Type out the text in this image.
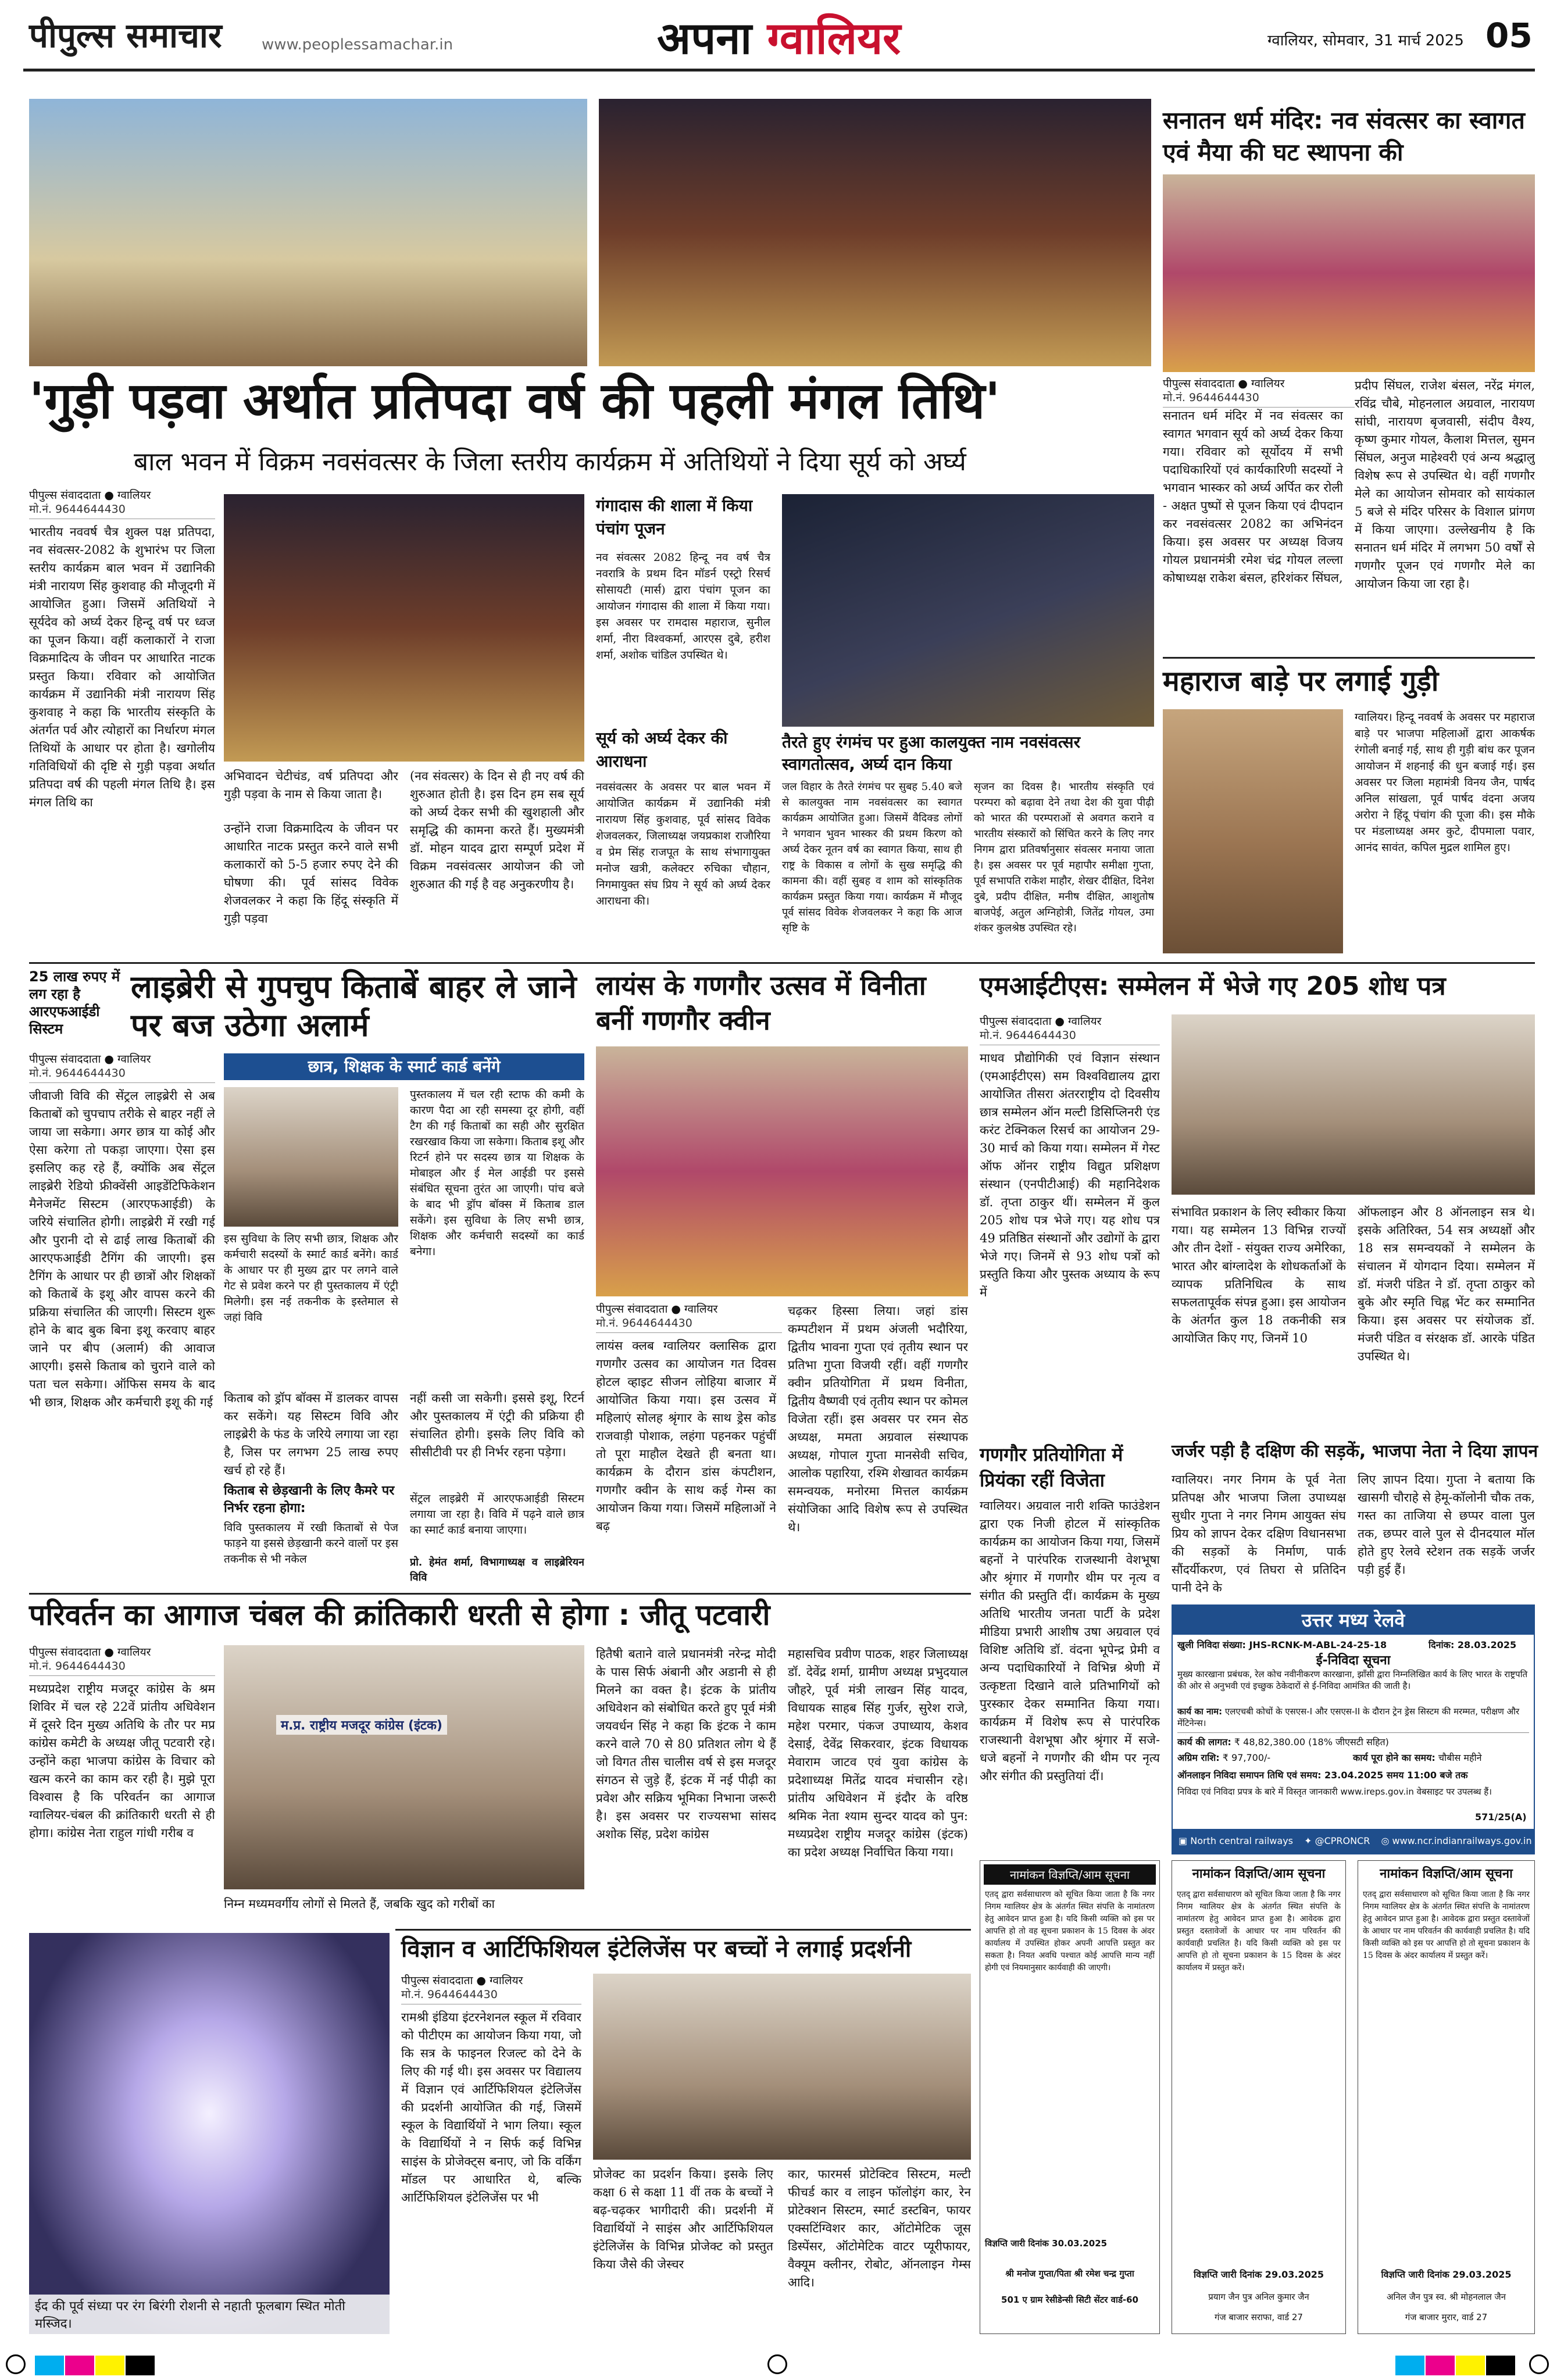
पीपुल्स समाचार	www.peoplessamachar.in	अपना ग्वालियर	ग्वालियर, सोमवार, 31 मार्च 2025 05
सनातन धर्म मंदिर: नव संवत्सर का स्वागत एवं मैया की घट स्थापना की
पीपुल्स संवाददाता ● ग्वालियर
मो.नं. 9644644430
सनातन धर्म मंदिर में नव संवत्सर का स्वागत भगवान सूर्य को अर्घ्य देकर किया गया। रविवार को सूर्योदय में सभी पदाधिकारियों एवं कार्यकारिणी सदस्यों ने भगवान भास्कर को अर्घ्य अर्पित कर रोली - अक्षत पुष्पों से पूजन किया एवं दीपदान कर नवसंवत्सर 2082 का अभिनंदन किया। इस अवसर पर अध्यक्ष विजय गोयल प्रधानमंत्री रमेश चंद्र गोयल लल्ला कोषाध्यक्ष राकेश बंसल, हरिशंकर सिंघल,
प्रदीप सिंघल, राजेश बंसल, नरेंद्र मंगल, रविंद्र चौबे, मोहनलाल अग्रवाल, नारायण सांघी, नारायण बृजवासी, संदीप वैश्य, कृष्ण कुमार गोयल, कैलाश मित्तल, सुमन सिंघल, अनुज माहेश्वरी एवं अन्य श्रद्धालु विशेष रूप से उपस्थित थे। वहीं गणगौर मेले का आयोजन सोमवार को सायंकाल 5 बजे से मंदिर परिसर के विशाल प्रांगण में किया जाएगा। उल्लेखनीय है कि सनातन धर्म मंदिर में लगभग 50 वर्षों से गणगौर पूजन एवं गणगौर मेले का आयोजन किया जा रहा है।
'गुड़ी पड़वा अर्थात प्रतिपदा वर्ष की पहली मंगल तिथि'
बाल भवन में विक्रम नवसंवत्सर के जिला स्तरीय कार्यक्रम में अतिथियों ने दिया सूर्य को अर्घ्य
पीपुल्स संवाददाता ● ग्वालियर
मो.नं. 9644644430
भारतीय नववर्ष चैत्र शुक्ल पक्ष प्रतिपदा, नव संवत्सर-2082 के शुभारंभ पर जिला स्तरीय कार्यक्रम बाल भवन में उद्यानिकी मंत्री नारायण सिंह कुशवाह की मौजूदगी में आयोजित हुआ। जिसमें अतिथियों ने सूर्यदेव को अर्घ्य देकर हिन्दू वर्ष पर ध्वज का पूजन किया। वहीं कलाकारों ने राजा विक्रमादित्य के जीवन पर आधारित नाटक प्रस्तुत किया। रविवार को आयोजित कार्यक्रम में उद्यानिकी मंत्री नारायण सिंह कुशवाह ने कहा कि भारतीय संस्कृति के अंतर्गत पर्व और त्योहारों का निर्धारण मंगल तिथियों के आधार पर होता है। खगोलीय गतिविधियों की दृष्टि से गुड़ी पड़वा अर्थात प्रतिपदा वर्ष की पहली मंगल तिथि है। इस मंगल तिथि का
अभिवादन चेटीचंड, वर्ष प्रतिपदा और गुड़ी पड़वा के नाम से किया जाता है।
उन्होंने राजा विक्रमादित्य के जीवन पर आधारित नाटक प्रस्तुत करने वाले सभी कलाकारों को 5-5 हजार रुपए देने की घोषणा की। पूर्व सांसद विवेक शेजवलकर ने कहा कि हिंदू संस्कृति में गुड़ी पड़वा
(नव संवत्सर) के दिन से ही नए वर्ष की शुरुआत होती है। इस दिन हम सब सूर्य को अर्घ्य देकर सभी की खुशहाली और समृद्धि की कामना करते हैं। मुख्यमंत्री डॉ. मोहन यादव द्वारा सम्पूर्ण प्रदेश में विक्रम नवसंवत्सर आयोजन की जो शुरुआत की गई है वह अनुकरणीय है।
गंगादास की शाला में किया पंचांग पूजन
नव संवत्सर 2082 हिन्दू नव वर्ष चैत्र नवरात्रि के प्रथम दिन मॉडर्न एस्ट्रो रिसर्च सोसायटी (मार्स) द्वारा पंचांग पूजन का आयोजन गंगादास की शाला में किया गया। इस अवसर पर रामदास महाराज, सुनील शर्मा, नीरा विश्वकर्मा, आरएस दुबे, हरीश शर्मा, अशोक चांडिल उपस्थित थे।
सूर्य को अर्घ्य देकर की आराधना
नवसंवत्सर के अवसर पर बाल भवन में आयोजित कार्यक्रम में उद्यानिकी मंत्री नारायण सिंह कुशवाह, पूर्व सांसद विवेक शेजवलकर, जिलाध्यक्ष जयप्रकाश राजौरिया व प्रेम सिंह राजपूत के साथ संभागायुक्त मनोज खत्री, कलेक्टर रुचिका चौहान, निगमायुक्त संघ प्रिय ने सूर्य को अर्घ्य देकर आराधना की।
तैरते हुए रंगमंच पर हुआ कालयुक्त नाम नवसंवत्सर स्वागतोत्सव, अर्घ्य दान किया
जल विहार के तैरते रंगमंच पर सुबह 5.40 बजे से कालयुक्त नाम नवसंवत्सर का स्वागत कार्यक्रम आयोजित हुआ। जिसमें वैदिक्ड लोगों ने भगवान भुवन भास्कर की प्रथम किरण को अर्घ्य देकर नूतन वर्ष का स्वागत किया, साथ ही राष्ट्र के विकास व लोगों के सुख समृद्धि की कामना की। वहीं सुबह व शाम को सांस्कृतिक कार्यक्रम प्रस्तुत किया गया। कार्यक्रम में मौजूद पूर्व सांसद विवेक शेजवलकर ने कहा कि आज सृष्टि के
सृजन का दिवस है। भारतीय संस्कृति एवं परम्परा को बढ़ावा देने तथा देश की युवा पीढ़ी को भारत की परम्पराओं से अवगत कराने व भारतीय संस्कारों को सिंचित करने के लिए नगर निगम द्वारा प्रतिवर्षानुसार संवत्सर मनाया जाता है। इस अवसर पर पूर्व महापौर समीक्षा गुप्ता, पूर्व सभापति राकेश माहौर, शेखर दीक्षित, दिनेश दुबे, प्रदीप दीक्षित, मनीष दीक्षित, आशुतोष बाजपेई, अतुल अग्निहोत्री, जितेंद्र गोयल, उमा शंकर कुलश्रेष्ठ उपस्थित रहे।
महाराज बाड़े पर लगाई गुड़ी
ग्वालियर। हिन्दू नववर्ष के अवसर पर महाराज बाड़े पर भाजपा महिलाओं द्वारा आकर्षक रंगोली बनाई गई, साथ ही गुड़ी बांध कर पूजन आयोजन में शहनाई की धुन बजाई गई। इस अवसर पर जिला महामंत्री विनय जैन, पार्षद अनिल सांखला, पूर्व पार्षद वंदना अजय अरोरा ने हिंदू पंचांग की पूजा की। इस मौके पर मंडलाध्यक्ष अमर कुटे, दीपमाला पवार, आनंद सावंत, कपिल मुद्रल शामिल हुए।
25 लाख रुपए में लग रहा है आरएफआईडी सिस्टम
लाइब्रेरी से गुपचुप किताबें बाहर ले जाने पर बज उठेगा अलार्म
पीपुल्स संवाददाता ● ग्वालियर
मो.नं. 9644644430	छात्र, शिक्षक के स्मार्ट कार्ड बनेंगे
जीवाजी विवि की सेंट्रल लाइब्रेरी से अब किताबों को चुपचाप तरीके से बाहर नहीं ले जाया जा सकेगा। अगर छात्र या कोई और ऐसा करेगा तो पकड़ा जाएगा। ऐसा इस इसलिए कह रहे हैं, क्योंकि अब सेंट्रल लाइब्रेरी रेडियो फ्रीक्वेंसी आइडेंटिफिकेशन मैनेजमेंट सिस्टम (आरएफआईडी) के जरिये संचालित होगी। लाइब्रेरी में रखी गई और पुरानी दो से ढाई लाख किताबों की आरएफआईडी टैगिंग की जाएगी। इस टैगिंग के आधार पर ही छात्रों और शिक्षकों को किताबें के इशू और वापस करने की प्रक्रिया संचालित की जाएगी। सिस्टम शुरू होने के बाद बुक बिना इशू करवाए बाहर जाने पर बीप (अलार्म) की आवाज आएगी। इससे किताब को चुराने वाले को पता चल सकेगा। ऑफिस समय के बाद भी छात्र, शिक्षक और कर्मचारी इशू की गई
इस सुविधा के लिए सभी छात्र, शिक्षक और कर्मचारी सदस्यों के स्मार्ट कार्ड बनेंगे। कार्ड के आधार पर ही मुख्य द्वार पर लगने वाले गेट से प्रवेश करने पर ही पुस्तकालय में एंट्री मिलेगी। इस नई तकनीक के इस्तेमाल से जहां विवि
पुस्तकालय में चल रही स्टाफ की कमी के कारण पैदा आ रही समस्या दूर होगी, वहीं टैग की गई किताबों का सही और सुरक्षित रखरखाव किया जा सकेगा। किताब इशू और रिटर्न होने पर सदस्य छात्र या शिक्षक के मोबाइल और ई मेल आईडी पर इससे संबंधित सूचना तुरंत आ जाएगी। पांच बजे के बाद भी ड्रॉप बॉक्स में किताब डाल सकेंगे। इस सुविधा के लिए सभी छात्र, शिक्षक और कर्मचारी सदस्यों का कार्ड बनेगा।
किताब को ड्रॉप बॉक्स में डालकर वापस कर सकेंगे। यह सिस्टम विवि और लाइब्रेरी के फंड के जरिये लगाया जा रहा है, जिस पर लगभग 25 लाख रुपए खर्च हो रहे हैं।
किताब से छेड़खानी के लिए कैमरे पर निर्भर रहना होगा:
विवि पुस्तकालय में रखी किताबों से पेज फाड़ने या इससे छेड़खानी करने वालों पर इस तकनीक से भी नकेल
नहीं कसी जा सकेगी। इससे इशू, रिटर्न और पुस्तकालय में एंट्री की प्रक्रिया ही संचालित होगी। इसके लिए विवि को सीसीटीवी पर ही निर्भर रहना पड़ेगा।
सेंट्रल लाइब्रेरी में आरएफआईडी सिस्टम लगाया जा रहा है। विवि में पढ़ने वाले छात्र का स्मार्ट कार्ड बनाया जाएगा।
प्रो. हेमंत शर्मा, विभागाध्यक्ष व लाइब्रेरियन विवि
लायंस के गणगौर उत्सव में विनीता बनीं गणगौर क्वीन
पीपुल्स संवाददाता ● ग्वालियर
मो.नं. 9644644430
लायंस क्लब ग्वालियर क्लासिक द्वारा गणगौर उत्सव का आयोजन गत दिवस होटल व्हाइट सीजन लोहिया बाजार में आयोजित किया गया। इस उत्सव में महिलाएं सोलह श्रृंगार के साथ ड्रेस कोड राजवाड़ी पोशाक, लहंगा पहनकर पहुंचीं तो पूरा माहौल देखते ही बनता था। कार्यक्रम के दौरान डांस कंपटीशन, गणगौर क्वीन के साथ कई गेम्स का आयोजन किया गया। जिसमें महिलाओं ने बढ़
चढ़कर हिस्सा लिया। जहां डांस कम्पटीशन में प्रथम अंजली भदौरिया, द्वितीय भावना गुप्ता एवं तृतीय स्थान पर प्रतिभा गुप्ता विजयी रहीं। वहीं गणगौर क्वीन प्रतियोगिता में प्रथम विनीता, द्वितीय वैष्णवी एवं तृतीय स्थान पर कोमल विजेता रहीं। इस अवसर पर रमन सेठ अध्यक्ष, ममता अग्रवाल संस्थापक अध्यक्ष, गोपाल गुप्ता मानसेवी सचिव, आलोक पहारिया, रश्मि शेखावत कार्यक्रम समन्वयक, मनोरमा मित्तल कार्यक्रम संयोजिका आदि विशेष रूप से उपस्थित थे।
एमआईटीएस: सम्मेलन में भेजे गए 205 शोध पत्र
पीपुल्स संवाददाता ● ग्वालियर
मो.नं. 9644644430
माधव प्रौद्योगिकी एवं विज्ञान संस्थान (एमआईटीएस) सम विश्वविद्यालय द्वारा आयोजित तीसरा अंतरराष्ट्रीय दो दिवसीय छात्र सम्मेलन ऑन मल्टी डिसिप्लिनरी एंड करंट टेक्निकल रिसर्च का आयोजन 29-30 मार्च को किया गया। सम्मेलन में गेस्ट ऑफ ऑनर राष्ट्रीय विद्युत प्रशिक्षण संस्थान (एनपीटीआई) की महानिदेशक डॉ. तृप्ता ठाकुर थीं। सम्मेलन में कुल 205 शोध पत्र भेजे गए। यह शोध पत्र 49 प्रतिष्ठित संस्थानों और उद्योगों के द्वारा भेजे गए। जिनमें से 93 शोध पत्रों को प्रस्तुति किया और पुस्तक अध्याय के रूप में
संभावित प्रकाशन के लिए स्वीकार किया गया। यह सम्मेलन 13 विभिन्न राज्यों और तीन देशों - संयुक्त राज्य अमेरिका, भारत और बांग्लादेश के शोधकर्ताओं के व्यापक प्रतिनिधित्व के साथ सफलतापूर्वक संपन्न हुआ। इस आयोजन के अंतर्गत कुल 18 तकनीकी सत्र आयोजित किए गए, जिनमें 10
ऑफलाइन और 8 ऑनलाइन सत्र थे। इसके अतिरिक्त, 54 सत्र अध्यक्षों और 18 सत्र समन्वयकों ने सम्मेलन के संचालन में योगदान दिया। सम्मेलन में डॉ. मंजरी पंडित ने डॉ. तृप्ता ठाकुर को बुके और स्मृति चिह्न भेंट कर सम्मानित किया। इस अवसर पर संयोजक डॉ. मंजरी पंडित व संरक्षक डॉ. आरके पंडित उपस्थित थे।
गणगौर प्रतियोगिता में प्रियंका रहीं विजेता
ग्वालियर। अग्रवाल नारी शक्ति फाउंडेशन द्वारा एक निजी होटल में सांस्कृतिक कार्यक्रम का आयोजन किया गया, जिसमें बहनों ने पारंपरिक राजस्थानी वेशभूषा और श्रृंगार में गणगौर थीम पर नृत्य व संगीत की प्रस्तुति दीं। कार्यक्रम के मुख्य अतिथि भारतीय जनता पार्टी के प्रदेश मीडिया प्रभारी आशीष उषा अग्रवाल एवं विशिष्ट अतिथि डॉ. वंदना भूपेन्द्र प्रेमी व अन्य पदाधिकारियों ने विभिन्न श्रेणी में उत्कृष्टता दिखाने वाले प्रतिभागियों को पुरस्कार देकर सम्मानित किया गया। कार्यक्रम में विशेष रूप से पारंपरिक राजस्थानी वेशभूषा और श्रृंगार में सजे-धजे बहनों ने गणगौर की थीम पर नृत्य और संगीत की प्रस्तुतियां दीं।
जर्जर पड़ी है दक्षिण की सड़कें, भाजपा नेता ने दिया ज्ञापन
ग्वालियर। नगर निगम के पूर्व नेता प्रतिपक्ष और भाजपा जिला उपाध्यक्ष सुधीर गुप्ता ने नगर निगम आयुक्त संघ प्रिय को ज्ञापन देकर दक्षिण विधानसभा की सड़कों के निर्माण, पार्क सौंदर्यीकरण, एवं तिघरा से प्रतिदिन पानी देने के
लिए ज्ञापन दिया। गुप्ता ने बताया कि खासगी चौराहे से हेमू-कॉलोनी चौक तक, गस्त का ताजिया से छप्पर वाला पुल तक, छप्पर वाले पुल से दीनदयाल मॉल होते हुए रेलवे स्टेशन तक सड़कें जर्जर पड़ी हुई हैं।
उत्तर मध्य रेलवे
खुली निविदा संख्या: JHS-RCNK-M-ABL-24-25-18	दिनांक: 28.03.2025
ई-निविदा सूचना
मुख्य कारखाना प्रबंधक, रेल कोच नवीनीकरण कारखाना, झाँसी द्वारा निम्नलिखित कार्य के लिए भारत के राष्ट्रपति की ओर से अनुभवी एवं इच्छुक ठेकेदारों से ई-निविदा आमंत्रित की जाती है।
कार्य का नाम: एलएचबी कोचों के एसएस-I और एसएस-II के दौरान ट्रेन ड्रेस सिस्टम की मरम्मत, परीक्षण और मेंटिनेन्स।
कार्य की लागत: ₹ 48,82,380.00 (18% जीएसटी सहित)
अग्रिम राशि: ₹ 97,700/-	कार्य पूरा होने का समय: चौबीस महीने
ऑनलाइन निविदा समापन तिथि एवं समय: 23.04.2025 समय 11:00 बजे तक
निविदा एवं निविदा प्रपत्र के बारे में विस्तृत जानकारी www.ireps.gov.in वेबसाइट पर उपलब्ध हैं।
571/25(A)
▣ North central railways ✦ @CPRONCR ◎ www.ncr.indianrailways.gov.in
परिवर्तन का आगाज चंबल की क्रांतिकारी धरती से होगा : जीतू पटवारी
पीपुल्स संवाददाता ● ग्वालियर
मो.नं. 9644644430
मध्यप्रदेश राष्ट्रीय मजदूर कांग्रेस के श्रम शिविर में चल रहे 22वें प्रांतीय अधिवेशन में दूसरे दिन मुख्य अतिथि के तौर पर मप्र कांग्रेस कमेटी के अध्यक्ष जीतू पटवारी रहे। उन्होंने कहा भाजपा कांग्रेस के विचार को खत्म करने का काम कर रही है। मुझे पूरा विश्वास है कि परिवर्तन का आगाज ग्वालियर-चंबल की क्रांतिकारी धरती से ही होगा। कांग्रेस नेता राहुल गांधी गरीब व
म.प्र. राष्ट्रीय मजदूर कांग्रेस (इंटक)
निम्न मध्यमवर्गीय लोगों से मिलते हैं, जबकि खुद को गरीबों का
हितैषी बताने वाले प्रधानमंत्री नरेन्द्र मोदी के पास सिर्फ अंबानी और अडानी से ही मिलने का वक्त है। इंटक के प्रांतीय अधिवेशन को संबोधित करते हुए पूर्व मंत्री जयवर्धन सिंह ने कहा कि इंटक ने काम करने वाले 70 से 80 प्रतिशत लोग थे हैं जो विगत तीस चालीस वर्ष से इस मजदूर संगठन से जुड़े हैं, इंटक में नई पीढ़ी का प्रवेश और सक्रिय भूमिका निभाना जरूरी है। इस अवसर पर राज्यसभा सांसद अशोक सिंह, प्रदेश कांग्रेस
महासचिव प्रवीण पाठक, शहर जिलाध्यक्ष डॉ. देवेंद्र शर्मा, ग्रामीण अध्यक्ष प्रभुदयाल जौहरे, पूर्व मंत्री लाखन सिंह यादव, विधायक साहब सिंह गुर्जर, सुरेश राजे, महेश परमार, पंकज उपाध्याय, केशव देसाई, देवेंद्र सिकरवार, इंटक विधायक मेवाराम जाटव एवं युवा कांग्रेस के प्रदेशाध्यक्ष मितेंद्र यादव मंचासीन रहे। प्रांतीय अधिवेशन में इंदौर के वरिष्ठ श्रमिक नेता श्याम सुन्दर यादव को पुन: मध्यप्रदेश राष्ट्रीय मजदूर कांग्रेस (इंटक) का प्रदेश अध्यक्ष निर्वाचित किया गया।
ईद की पूर्व संध्या पर रंग बिरंगी रोशनी से नहाती फूलबाग स्थित मोती मस्जिद।
विज्ञान व आर्टिफिशियल इंटेलिजेंस पर बच्चों ने लगाई प्रदर्शनी
पीपुल्स संवाददाता ● ग्वालियर
मो.नं. 9644644430
रामश्री इंडिया इंटरनेशनल स्कूल में रविवार को पीटीएम का आयोजन किया गया, जो कि सत्र के फाइनल रिजल्ट को देने के लिए की गई थी। इस अवसर पर विद्यालय में विज्ञान एवं आर्टिफिशियल इंटेलिजेंस की प्रदर्शनी आयोजित की गई, जिसमें स्कूल के विद्यार्थियों ने भाग लिया। स्कूल के विद्यार्थियों ने न सिर्फ कई विभिन्न साइंस के प्रोजेक्ट्स बनाए, जो कि वर्किंग मॉडल पर आधारित थे, बल्कि आर्टिफिशियल इंटेलिजेंस पर भी
प्रोजेक्ट का प्रदर्शन किया। इसके लिए कक्षा 6 से कक्षा 11 वीं तक के बच्चों ने बढ़-चढ़कर भागीदारी की। प्रदर्शनी में विद्यार्थियों ने साइंस और आर्टिफिशियल इंटेलिजेंस के विभिन्न प्रोजेक्ट को प्रस्तुत किया जैसे की जेस्चर
कार, फारमर्स प्रोटेक्टिव सिस्टम, मल्टी फीचर्ड कार व लाइन फॉलोइंग कार, रेन प्रोटेक्शन सिस्टम, स्मार्ट डस्टबिन, फायर एक्सटिंग्विशर कार, ऑटोमेटिक जूस डिस्पेंसर, ऑटोमेटिक वाटर प्यूरीफायर, वैक्यूम क्लीनर, रोबोट, ऑनलाइन गेम्स आदि।
नामांकन विज्ञप्ति/आम सूचना
एतद् द्वारा सर्वसाधारण को सूचित किया जाता है कि नगर निगम ग्वालियर क्षेत्र के अंतर्गत स्थित संपत्ति के नामांतरण हेतु आवेदन प्राप्त हुआ है। यदि किसी व्यक्ति को इस पर आपत्ति हो तो वह सूचना प्रकाशन के 15 दिवस के अंदर कार्यालय में उपस्थित होकर अपनी आपत्ति प्रस्तुत कर सकता है। नियत अवधि पश्चात कोई आपत्ति मान्य नहीं होगी एवं नियमानुसार कार्यवाही की जाएगी।
विज्ञप्ति जारी दिनांक 30.03.2025
श्री मनोज गुप्ता/पिता श्री रमेश चन्द्र गुप्ता
501 ए ग्राम रेसीडेन्सी सिटी सेंटर वार्ड-60
नामांकन विज्ञप्ति/आम सूचना
एतद् द्वारा सर्वसाधारण को सूचित किया जाता है कि नगर निगम ग्वालियर क्षेत्र के अंतर्गत स्थित संपत्ति के नामांतरण हेतु आवेदन प्राप्त हुआ है। आवेदक द्वारा प्रस्तुत दस्तावेजों के आधार पर नाम परिवर्तन की कार्यवाही प्रचलित है। यदि किसी व्यक्ति को इस पर आपत्ति हो तो सूचना प्रकाशन के 15 दिवस के अंदर कार्यालय में प्रस्तुत करें।
विज्ञप्ति जारी दिनांक 29.03.2025
प्रयाग जैन पुत्र अनिल कुमार जैन
गंज बाजार सराफा, वार्ड 27
नामांकन विज्ञप्ति/आम सूचना
एतद् द्वारा सर्वसाधारण को सूचित किया जाता है कि नगर निगम ग्वालियर क्षेत्र के अंतर्गत स्थित संपत्ति के नामांतरण हेतु आवेदन प्राप्त हुआ है। आवेदक द्वारा प्रस्तुत दस्तावेजों के आधार पर नाम परिवर्तन की कार्यवाही प्रचलित है। यदि किसी व्यक्ति को इस पर आपत्ति हो तो सूचना प्रकाशन के 15 दिवस के अंदर कार्यालय में प्रस्तुत करें।
विज्ञप्ति जारी दिनांक 29.03.2025
अनिल जैन पुत्र स्व. श्री मोहनलाल जैन
गंज बाजार मुरार, वार्ड 27
